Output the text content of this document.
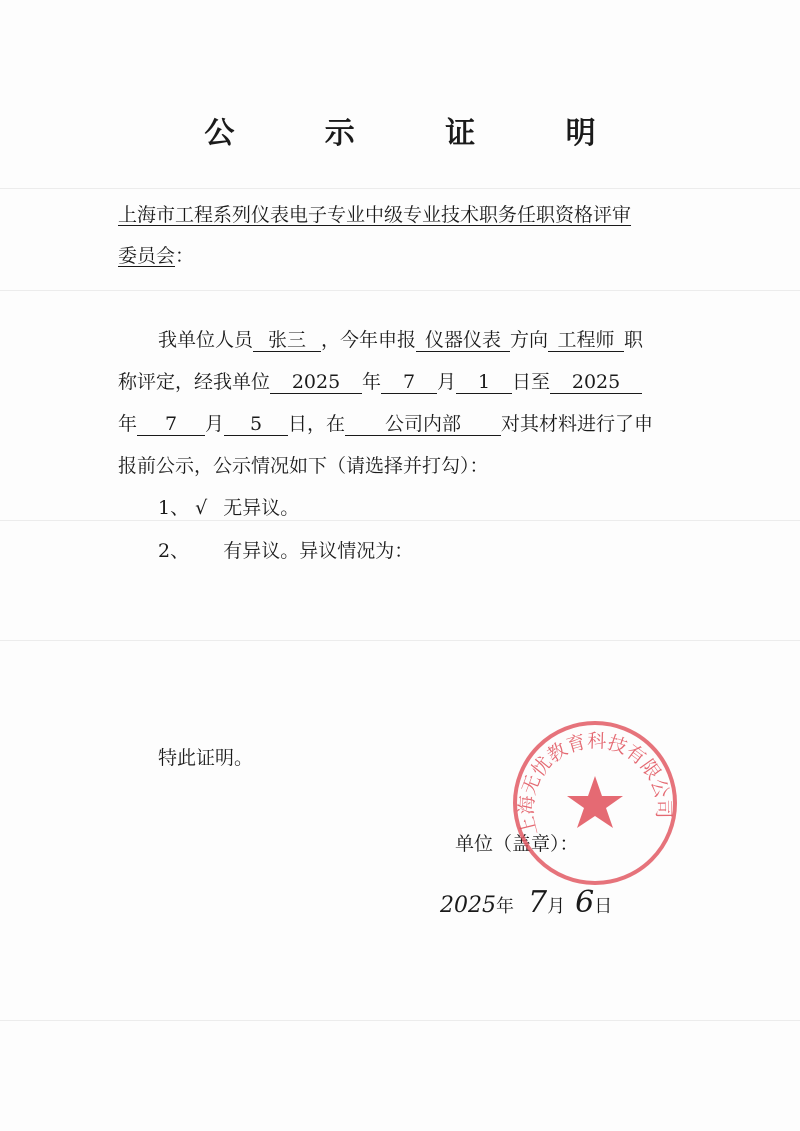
公 示 证 明
上海市工程系列仪表电子专业中级专业技术职务任职资格评审
委员会：
我单位人员 张三 ，今年申报 仪器仪表 方向 工程师 职
称评定，经我单位 2025 年 7 月 1 日至 2025
年 7 月 5 日，在 公司内部 对其材料进行了申
报前公示，公示情况如下（请选择并打勾）：
1、 √ 无异议。
2、 有异议。异议情况为：
特此证明。
单位（盖章）：
上海无忧教育科技有限公司
2025年 7月 6日
